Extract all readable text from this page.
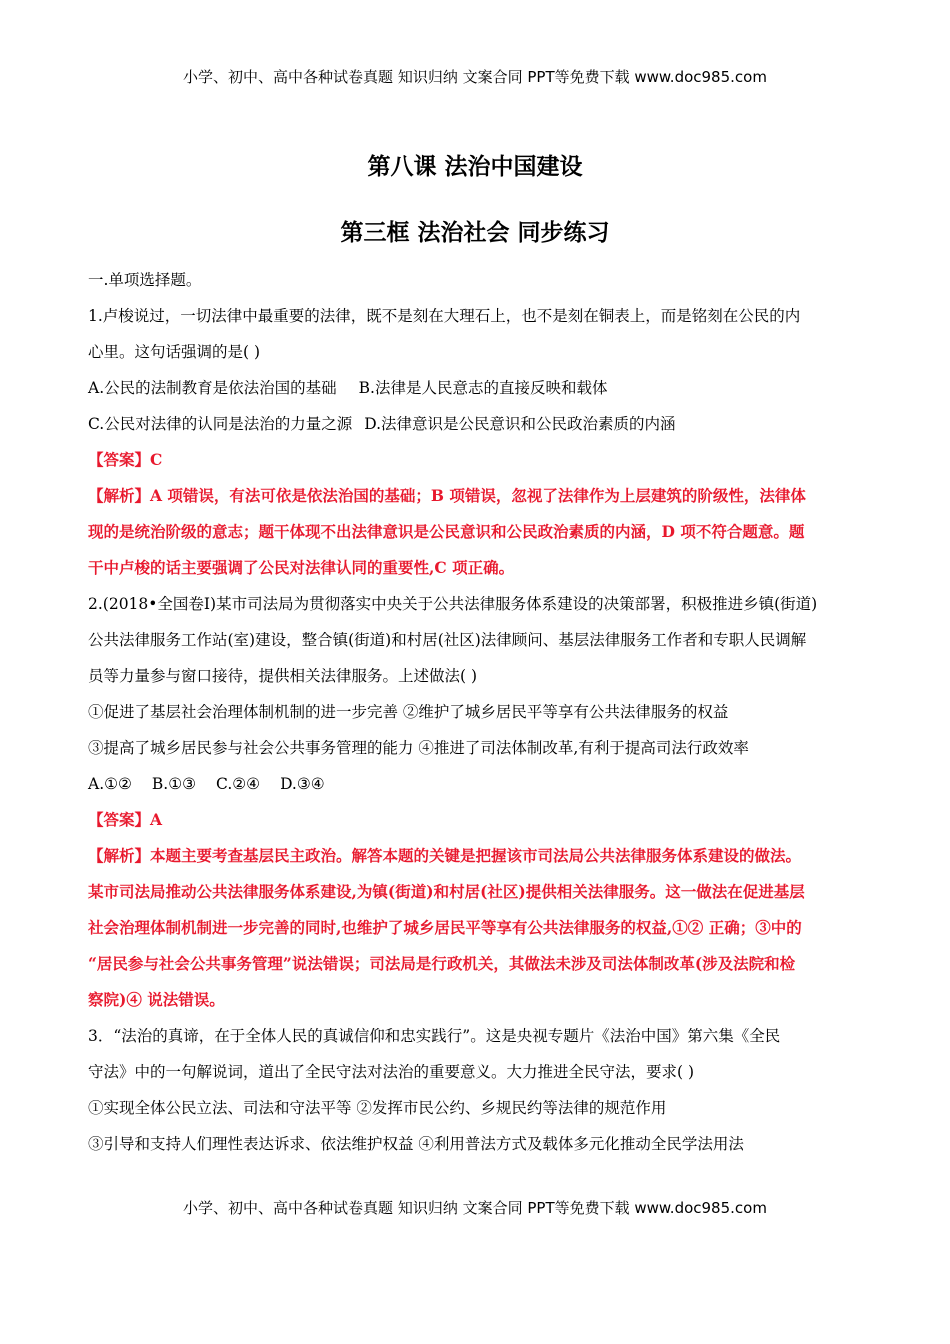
小学、初中、高中各种试卷真题 知识归纳 文案合同 PPT等免费下载 www.doc985.com
第八课 法治中国建设
第三框 法治社会 同步练习
一.单项选择题。
1.卢梭说过，一切法律中最重要的法律，既不是刻在大理石上，也不是刻在铜表上，而是铭刻在公民的内
心里。这句话强调的是( )
A.公民的法制教育是依法治国的基础 B.法律是人民意志的直接反映和载体
C.公民对法律的认同是法治的力量之源 D.法律意识是公民意识和公民政治素质的内涵
【答案】C
【解析】A 项错误，有法可依是依法治国的基础；B 项错误，忽视了法律作为上层建筑的阶级性，法律体
现的是统治阶级的意志；题干体现不出法律意识是公民意识和公民政治素质的内涵，D 项不符合题意。题
干中卢梭的话主要强调了公民对法律认同的重要性,C 项正确。
2.(2018•全国卷Ⅰ)某市司法局为贯彻落实中央关于公共法律服务体系建设的决策部署，积极推进乡镇(街道)
公共法律服务工作站(室)建设，整合镇(街道)和村居(社区)法律顾问、基层法律服务工作者和专职人民调解
员等力量参与窗口接待，提供相关法律服务。上述做法( )
①促进了基层社会治理体制机制的进一步完善 ②维护了城乡居民平等享有公共法律服务的权益
③提高了城乡居民参与社会公共事务管理的能力 ④推进了司法体制改革,有利于提高司法行政效率
A.①② B.①③ C.②④ D.③④
【答案】A
【解析】本题主要考查基层民主政治。解答本题的关键是把握该市司法局公共法律服务体系建设的做法。
某市司法局推动公共法律服务体系建设,为镇(街道)和村居(社区)提供相关法律服务。这一做法在促进基层
社会治理体制机制进一步完善的同时,也维护了城乡居民平等享有公共法律服务的权益,①② 正确；③中的
“居民参与社会公共事务管理”说法错误；司法局是行政机关，其做法未涉及司法体制改革(涉及法院和检
察院)④ 说法错误。
3．“法治的真谛，在于全体人民的真诚信仰和忠实践行”。这是央视专题片《法治中国》第六集《全民
守法》中的一句解说词，道出了全民守法对法治的重要意义。大力推进全民守法，要求( )
①实现全体公民立法、司法和守法平等 ②发挥市民公约、乡规民约等法律的规范作用
③引导和支持人们理性表达诉求、依法维护权益 ④利用普法方式及载体多元化推动全民学法用法
小学、初中、高中各种试卷真题 知识归纳 文案合同 PPT等免费下载 www.doc985.com
